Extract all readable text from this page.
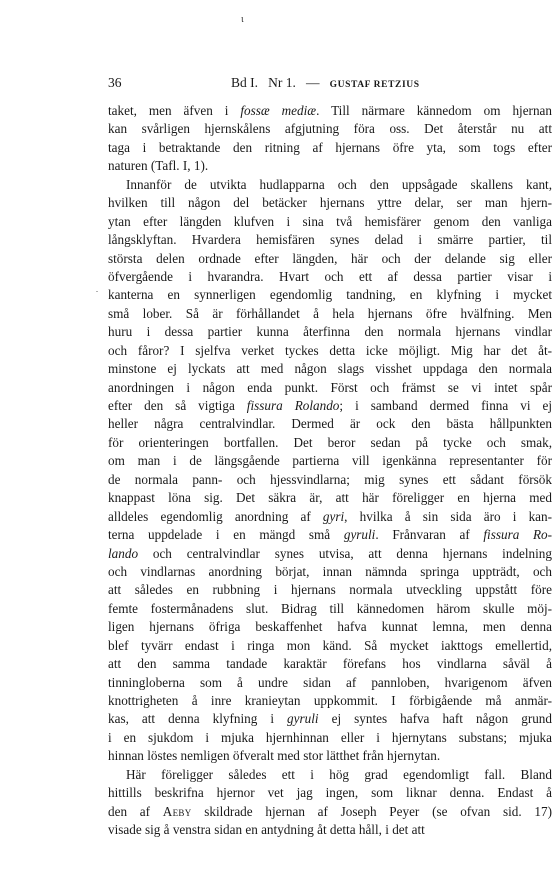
ι
.
36	Bd I. Nr 1. — GUSTAF RETZIUS
taket, men äfven i fossæ mediæ. Till närmare kännedom om hjernan
kan svårligen hjernskålens afgjutning föra oss. Det återstår nu att
taga i betraktande den ritning af hjernans öfre yta, som togs efter
naturen (Tafl. I, 1).
Innanför de utvikta hudlapparna och den uppsågade skallens kant,
hvilken till någon del betäcker hjernans yttre delar, ser man hjern-
ytan efter längden klufven i sina två hemisfärer genom den vanliga
långsklyftan. Hvardera hemisfären synes delad i smärre partier, til
största delen ordnade efter längden, här och der delande sig eller
öfvergående i hvarandra. Hvart och ett af dessa partier visar i
kanterna en synnerligen egendomlig tandning, en klyfning i mycket
små lober. Så är förhållandet å hela hjernans öfre hvälfning. Men
huru i dessa partier kunna återfinna den normala hjernans vindlar
och fåror? I sjelfva verket tyckes detta icke möjligt. Mig har det åt-
minstone ej lyckats att med någon slags visshet uppdaga den normala
anordningen i någon enda punkt. Först och främst se vi intet spår
efter den så vigtiga fissura Rolando; i samband dermed finna vi ej
heller några centralvindlar. Dermed är ock den bästa hållpunkten
för orienteringen bortfallen. Det beror sedan på tycke och smak,
om man i de längsgående partierna vill igenkänna representanter för
de normala pann- och hjessvindlarna; mig synes ett sådant försök
knappast löna sig. Det säkra är, att här föreligger en hjerna med
alldeles egendomlig anordning af gyri, hvilka å sin sida äro i kan-
terna uppdelade i en mängd små gyruli. Frånvaran af fissura Ro-
lando och centralvindlar synes utvisa, att denna hjernans indelning
och vindlarnas anordning börjat, innan nämnda springa uppträdt, och
att således en rubbning i hjernans normala utveckling uppstått före
femte fostermånadens slut. Bidrag till kännedomen härom skulle möj-
ligen hjernans öfriga beskaffenhet hafva kunnat lemna, men denna
blef tyvärr endast i ringa mon känd. Så mycket iakttogs emellertid,
att den samma tandade karaktär förefans hos vindlarna såväl å
tinningloberna som å undre sidan af pannloben, hvarigenom äfven
knottrigheten å inre kranieytan uppkommit. I förbigående må anmär-
kas, att denna klyfning i gyruli ej syntes hafva haft någon grund
i en sjukdom i mjuka hjernhinnan eller i hjernytans substans; mjuka
hinnan löstes nemligen öfveralt med stor lätthet från hjernytan.
Här föreligger således ett i hög grad egendomligt fall. Bland
hittills beskrifna hjernor vet jag ingen, som liknar denna. Endast å
den af Aeby skildrade hjernan af Joseph Peyer (se ofvan sid. 17)
visade sig å venstra sidan en antydning åt detta håll, i det att
